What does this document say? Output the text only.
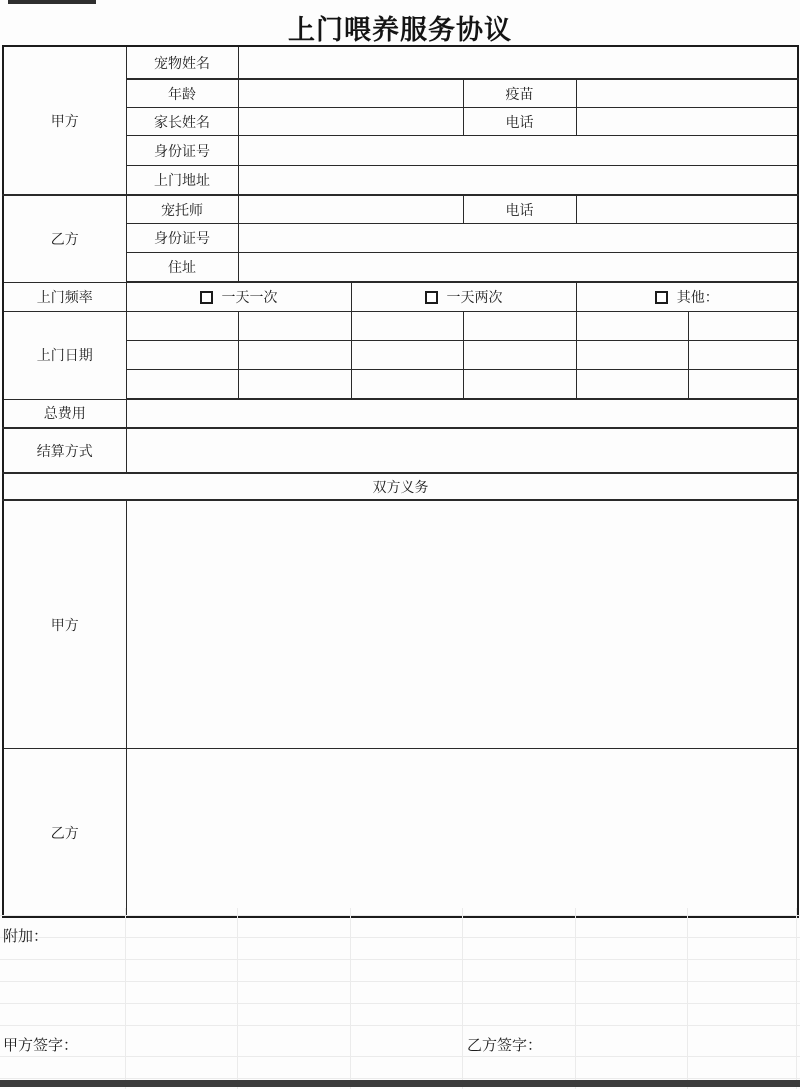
上门喂养服务协议
甲方	宠物姓名					
	年龄			疫苗		
	家长姓名			电话		
	身份证号					
	上门地址					
乙方	宠托师			电话		
	身份证号					
	住址					
上门频率	一天一次		一天两次		其他：	
上门日期						

总费用						
结算方式						
双方义务						
甲方						
乙方						
附加：
甲方签字：	乙方签字：
